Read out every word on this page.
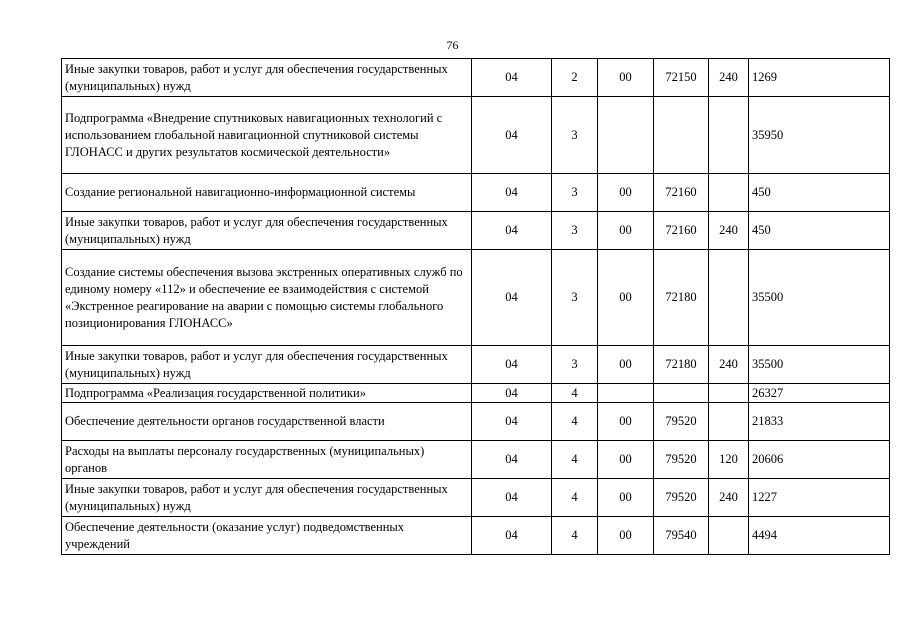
76
Иные закупки товаров, работ и услуг для обеспечения государственных (муниципальных) нужд	04	2	00	72150	240	1269
Подпрограмма «Внедрение спутниковых навигационных технологий с использованием глобальной навигационной спутниковой системы ГЛОНАСС и других результатов космической деятельности»	04	3				35950
Создание региональной навигационно-информационной системы	04	3	00	72160		450
Иные закупки товаров, работ и услуг для обеспечения государственных (муниципальных) нужд	04	3	00	72160	240	450
Создание системы обеспечения вызова экстренных оперативных служб по единому номеру «112» и обеспечение ее взаимодействия с системой «Экстренное реагирование на аварии с помощью системы глобального позиционирования ГЛОНАСС»	04	3	00	72180		35500
Иные закупки товаров, работ и услуг для обеспечения государственных (муниципальных) нужд	04	3	00	72180	240	35500
Подпрограмма «Реализация государственной политики»	04	4				26327
Обеспечение деятельности органов государственной власти	04	4	00	79520		21833
Расходы на выплаты персоналу государственных (муниципальных) органов	04	4	00	79520	120	20606
Иные закупки товаров, работ и услуг для обеспечения государственных (муниципальных) нужд	04	4	00	79520	240	1227
Обеспечение деятельности (оказание услуг) подведомственных учреждений	04	4	00	79540		4494
